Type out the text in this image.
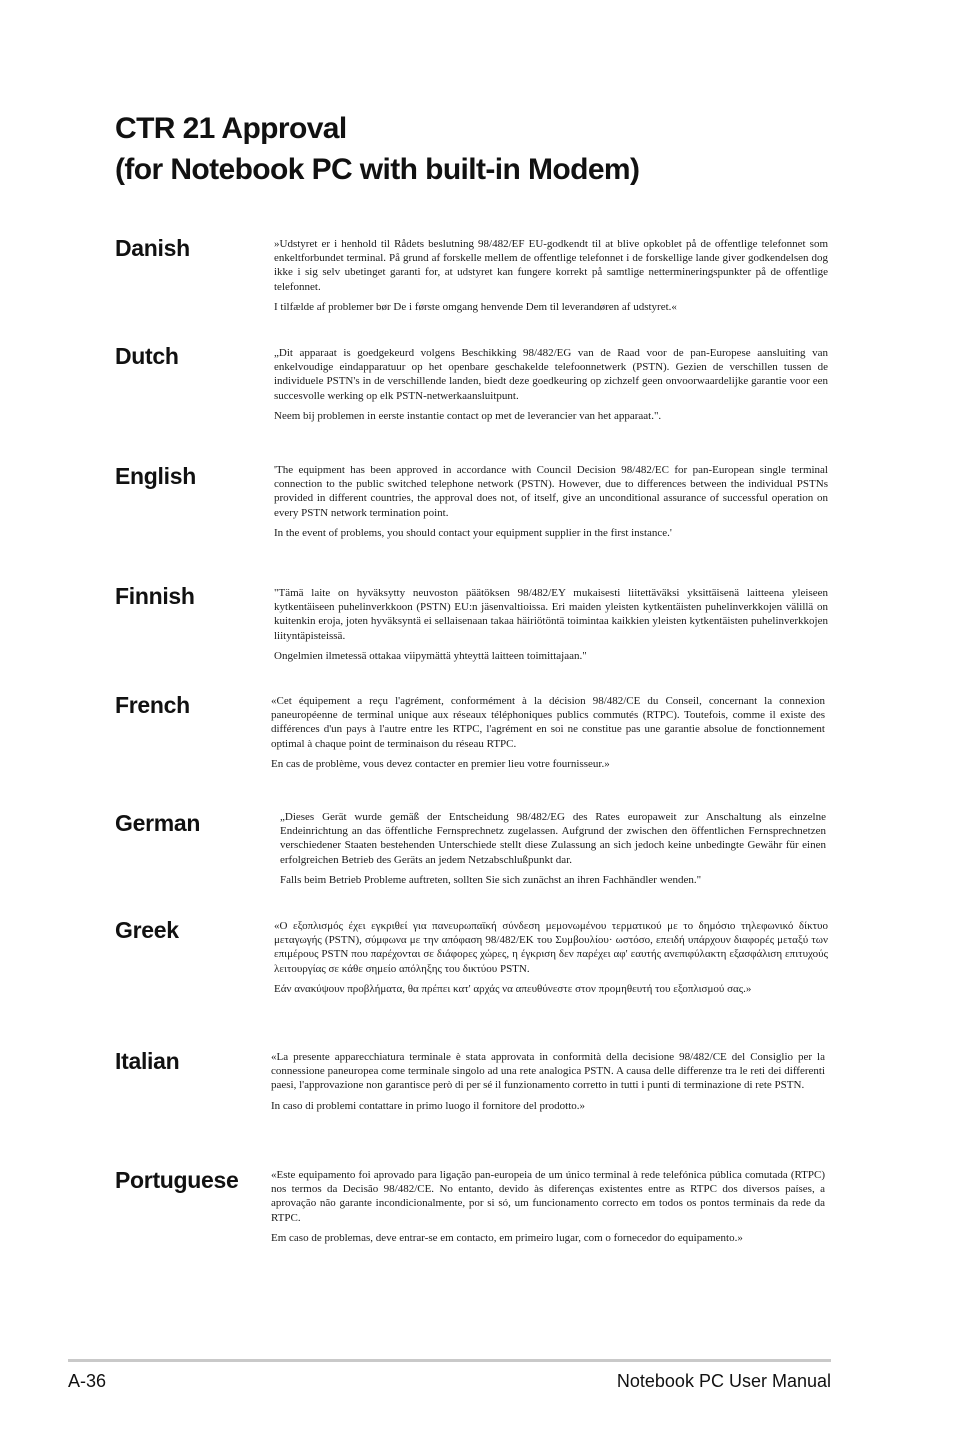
CTR 21 Approval
(for Notebook PC with built-in Modem)
Danish	»Udstyret er i henhold til Rådets beslutning 98/482/EF EU-godkendt til at blive opkoblet på de offentlige telefonnet som enkeltforbundet terminal. På grund af forskelle mellem de offentlige telefonnet i de forskellige lande giver godkendelsen dog ikke i sig selv ubetinget garanti for, at udstyret kan fungere korrekt på samtlige nettermineringspunkter på de offentlige telefonnet.

I tilfælde af problemer bør De i første omgang henvende Dem til leverandøren af udstyret.«

Dutch	„Dit apparaat is goedgekeurd volgens Beschikking 98/482/EG van de Raad voor de pan-Europese aansluiting van enkelvoudige eindapparatuur op het openbare geschakelde telefoonnetwerk (PSTN). Gezien de verschillen tussen de individuele PSTN's in de verschillende landen, biedt deze goedkeuring op zichzelf geen onvoorwaardelijke garantie voor een succesvolle werking op elk PSTN-netwerkaansluitpunt.

Neem bij problemen in eerste instantie contact op met de leverancier van het apparaat.".

English	'The equipment has been approved in accordance with Council Decision 98/482/EC for pan-European single terminal connection to the public switched telephone network (PSTN). However, due to differences between the individual PSTNs provided in different countries, the approval does not, of itself, give an unconditional assurance of successful operation on every PSTN network termination point.

In the event of problems, you should contact your equipment supplier in the first instance.'

Finnish	"Tämä laite on hyväksytty neuvoston päätöksen 98/482/EY mukaisesti liitettäväksi yksittäisenä laitteena yleiseen kytkentäiseen puhelinverkkoon (PSTN) EU:n jäsenvaltioissa. Eri maiden yleisten kytkentäisten puhelinverkkojen välillä on kuitenkin eroja, joten hyväksyntä ei sellaisenaan takaa häiriötöntä toimintaa kaikkien yleisten kytkentäisten puhelinverkkojen liityntäpisteissä.

Ongelmien ilmetessä ottakaa viipymättä yhteyttä laitteen toimittajaan."

French	«Cet équipement a reçu l'agrément, conformément à la décision 98/482/CE du Conseil, concernant la connexion paneuropéenne de terminal unique aux réseaux téléphoniques publics commutés (RTPC). Toutefois, comme il existe des différences d'un pays à l'autre entre les RTPC, l'agrément en soi ne constitue pas une garantie absolue de fonctionnement optimal à chaque point de terminaison du réseau RTPC.

En cas de problème, vous devez contacter en premier lieu votre fournisseur.»

German	„Dieses Gerät wurde gemäß der Entscheidung 98/482/EG des Rates europaweit zur Anschaltung als einzelne Endeinrichtung an das öffentliche Fernsprechnetz zugelassen. Aufgrund der zwischen den öffentlichen Fernsprechnetzen verschiedener Staaten bestehenden Unterschiede stellt diese Zulassung an sich jedoch keine unbedingte Gewähr für einen erfolgreichen Betrieb des Geräts an jedem Netzabschlußpunkt dar.

Falls beim Betrieb Probleme auftreten, sollten Sie sich zunächst an ihren Fachhändler wenden."

Greek	«Ο εξοπλισμός έχει εγκριθεί για πανευρωπαϊκή σύνδεση μεμονωμένου τερματικού με το δημόσιο τηλεφωνικό δίκτυο μεταγωγής (PSTN), σύμφωνα με την απόφαση 98/482/ΕΚ του Συμβουλίου· ωστόσο, επειδή υπάρχουν διαφορές μεταξύ των επιμέρους PSTN που παρέχονται σε διάφορες χώρες, η έγκριση δεν παρέχει αφ' εαυτής ανεπιφύλακτη εξασφάλιση επιτυχούς λειτουργίας σε κάθε σημείο απόληξης του δικτύου PSTN.

Εάν ανακύψουν προβλήματα, θα πρέπει κατ' αρχάς να απευθύνεστε στον προμηθευτή του εξοπλισμού σας.»

Italian	«La presente apparecchiatura terminale è stata approvata in conformità della decisione 98/482/CE del Consiglio per la connessione paneuropea come terminale singolo ad una rete analogica PSTN. A causa delle differenze tra le reti dei differenti paesi, l'approvazione non garantisce però di per sé il funzionamento corretto in tutti i punti di terminazione di rete PSTN.

In caso di problemi contattare in primo luogo il fornitore del prodotto.»

Portuguese	«Este equipamento foi aprovado para ligação pan-europeia de um único terminal à rede telefónica pública comutada (RTPC) nos termos da Decisão 98/482/CE. No entanto, devido às diferenças existentes entre as RTPC dos diversos países, a aprovação não garante incondicionalmente, por si só, um funcionamento correcto em todos os pontos terminais da rede da RTPC.

Em caso de problemas, deve entrar-se em contacto, em primeiro lugar, com o fornecedor do equipamento.»

A-36	Notebook PC User Manual
